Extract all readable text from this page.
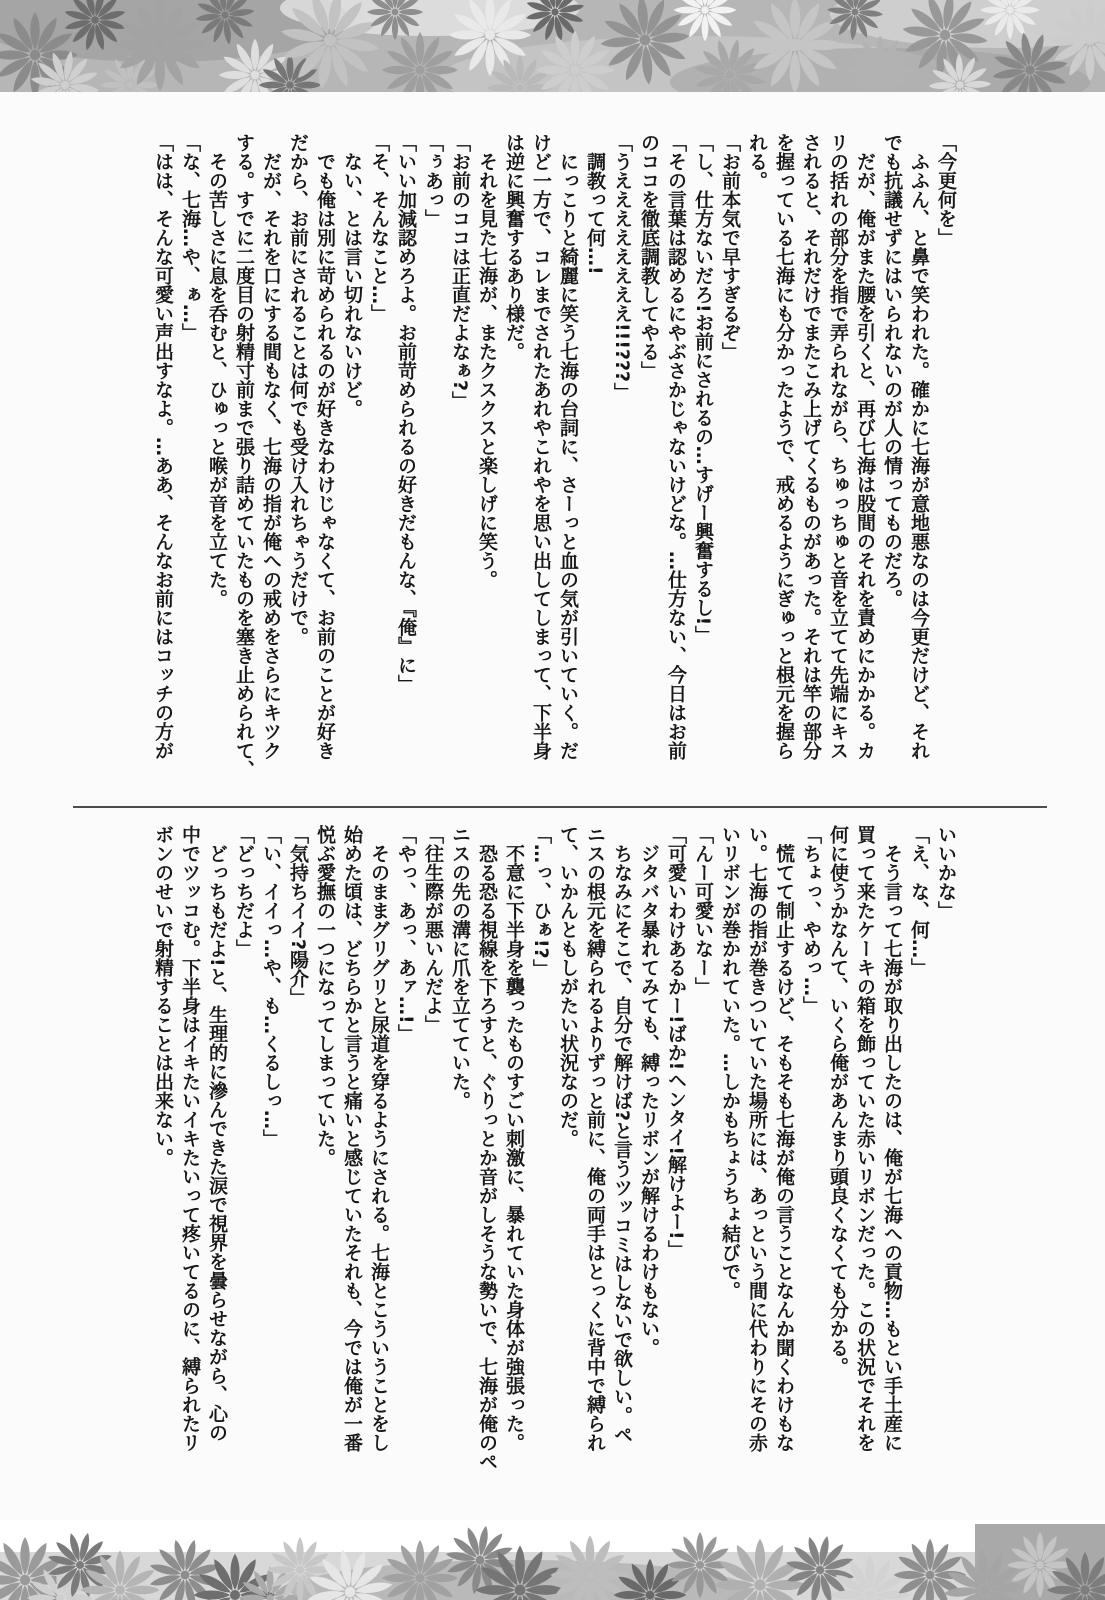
「今更何を」

ふふん、と鼻で笑われた。確かに七海が意地悪なのは今更だけど、それ

でも抗議せずにはいられないのが人の情ってものだろ。

だが、俺がまた腰を引くと、再び七海は股間のそれを責めにかかる。カ

リの括れの部分を指で弄られながら、ちゅっちゅと音を立てて先端にキス

されると、それだけでまたこみ上げてくるものがあった。それは竿の部分

を握っている七海にも分かったようで、戒めるようにぎゅっと根元を握ら

れる。

「お前本気で早すぎるぞ」

「し、仕方ないだろ!お前にされるの…すげー興奮するし!」

「その言葉は認めるにやぶさかじゃないけどな。…仕方ない、今日はお前

のココを徹底調教してやる」

「うええええええええ!!!???」

調教って何…!

にっこりと綺麗に笑う七海の台詞に、さーっと血の気が引いていく。だ

けど一方で、コレまでされたあれやこれやを思い出してしまって、下半身

は逆に興奮するあり様だ。

それを見た七海が、またクスクスと楽しげに笑う。

「お前のココは正直だよなぁ?」

「ぅあっ」

「いい加減認めろよ。お前苛められるの好きだもんな、『俺』に」

「そ、そんなこと…」

ない、とは言い切れないけど。

でも俺は別に苛められるのが好きなわけじゃなくて、お前のことが好き

だから、お前にされることは何でも受け入れちゃうだけで。

だが、それを口にする間もなく、七海の指が俺への戒めをさらにキツク

する。すでに二度目の射精寸前まで張り詰めていたものを塞き止められて、

その苦しさに息を呑むと、ひゅっと喉が音を立てた。

「な、七海…や、ぁ…」

「はは、そんな可愛い声出すなよ。…ああ、そんなお前にはコッチの方が

いいかな」

「え、な、何…」

そう言って七海が取り出したのは、俺が七海への貢物…もとい手土産に

買って来たケーキの箱を飾っていた赤いリボンだった。この状況でそれを

何に使うかなんて、いくら俺があんまり頭良くなくても分かる。

「ちょっ、やめっ…」

慌てて制止するけど、そもそも七海が俺の言うことなんか聞くわけもな

い。七海の指が巻きついていた場所には、あっという間に代わりにその赤

いリボンが巻かれていた。…しかもちょうちょ結びで。

「んー可愛いなー」

「可愛いわけあるかー!ばか!ヘンタイ!解けよー!」

ジタバタ暴れてみても、縛ったリボンが解けるわけもない。

ちなみにそこで、自分で解けば?と言うツッコミはしないで欲しい。ペ

ニスの根元を縛られるよりずっと前に、俺の両手はとっくに背中で縛られ

て、いかんともしがたい状況なのだ。

「…っ、ひぁ!?」

不意に下半身を襲ったものすごい刺激に、暴れていた身体が強張った。

恐る恐る視線を下ろすと、ぐりっとか音がしそうな勢いで、七海が俺のペ

ニスの先の溝に爪を立てていた。

「往生際が悪いんだよ」

「やっ、あっ、あァ…!」

そのままグリグリと尿道を穿るようにされる。七海とこういうことをし

始めた頃は、どちらかと言うと痛いと感じていたそれも、今では俺が一番

悦ぶ愛撫の一つになってしまっていた。

「気持ちイイ?陽介」

「い、イイっ…や、も…くるしっ…」

「どっちだよ」

どっちもだよ!と、生理的に滲んできた涙で視界を曇らせながら、心の

中でツッコむ。下半身はイキたいイキたいって疼いてるのに、縛られたリ

ボンのせいで射精することは出来ない。
